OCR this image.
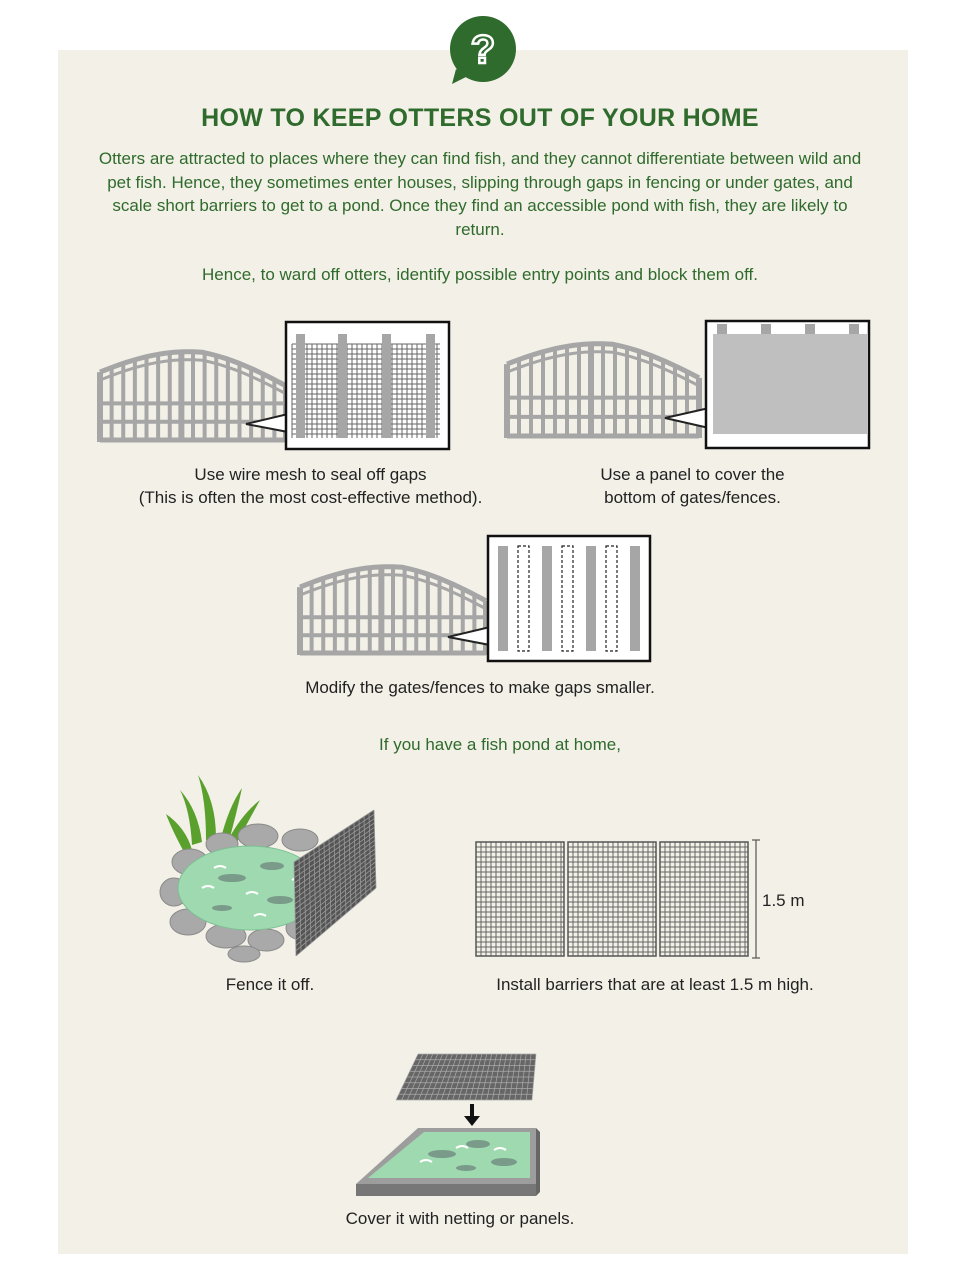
?
HOW TO KEEP OTTERS OUT OF YOUR HOME
Otters are attracted to places where they can find fish, and they cannot differentiate between wild and pet fish. Hence, they sometimes enter houses, slipping through gaps in fencing or under gates, and scale short barriers to get to a pond. Once they find an accessible pond with fish, they are likely to return.
Hence, to ward off otters, identify possible entry points and block them off.
Use wire mesh to seal off gaps
(This is often the most cost-effective method).
Use a panel to cover the
bottom of gates/fences.
Modify the gates/fences to make gaps smaller.
If you have a fish pond at home,
Fence it off.
1.5 m
Install barriers that are at least 1.5 m high.
Cover it with netting or panels.
